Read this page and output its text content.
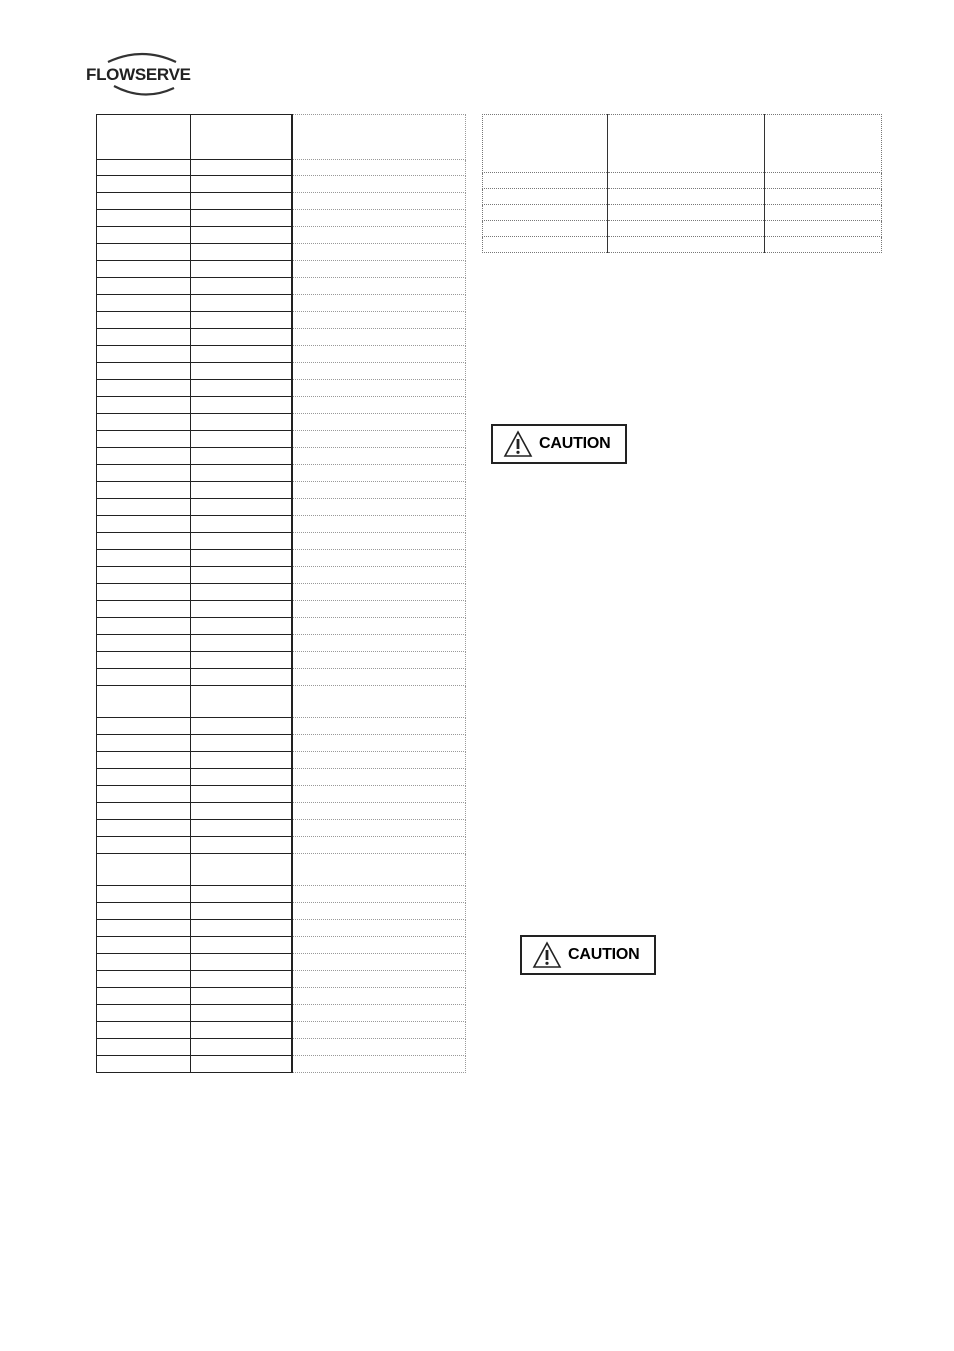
FLOWSERVE

CAUTION
CAUTION
